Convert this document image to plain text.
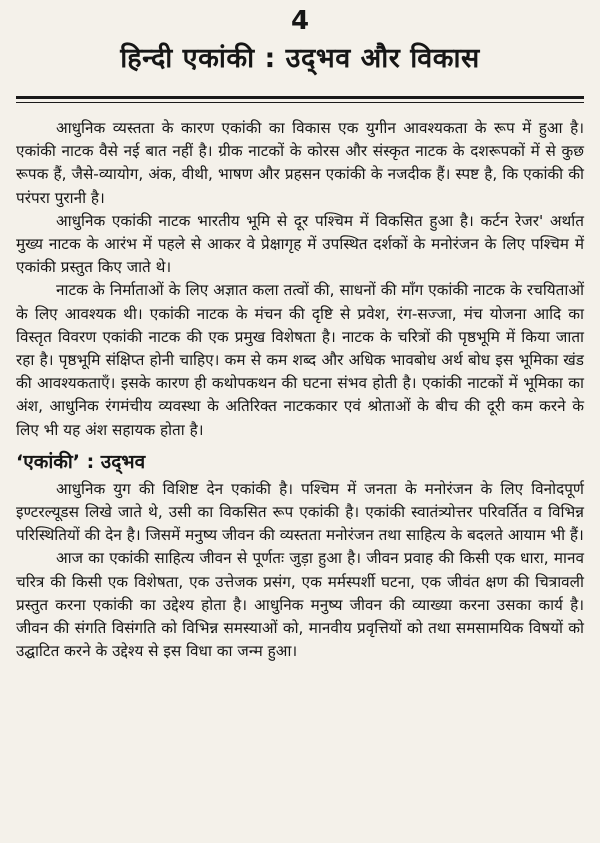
4
हिन्दी एकांकी : उद्‌भव और विकास

आधुनिक व्यस्तता के कारण एकांकी का विकास एक युगीन आवश्यकता के रूप में हुआ है। एकांकी नाटक वैसे नई बात नहीं है। ग्रीक नाटकों के कोरस और संस्कृत नाटक के दशरूपकों में से कुछ रूपक हैं, जैसे-व्यायोग, अंक, वीथी, भाषण और प्रहसन एकांकी के नजदीक हैं। स्पष्ट है, कि एकांकी की परंपरा पुरानी है।

आधुनिक एकांकी नाटक भारतीय भूमि से दूर पश्चिम में विकसित हुआ है। कर्टन रेजर' अर्थात मुख्य नाटक के आरंभ में पहले से आकर वे प्रेक्षागृह में उपस्थित दर्शकों के मनोरंजन के लिए पश्चिम में एकांकी प्रस्तुत किए जाते थे।

नाटक के निर्माताओं के लिए अज्ञात कला तत्वों की, साधनों की माँग एकांकी नाटक के रचयिताओं के लिए आवश्यक थी। एकांकी नाटक के मंचन की दृष्टि से प्रवेश, रंग-सज्जा, मंच योजना आदि का विस्तृत विवरण एकांकी नाटक की एक प्रमुख विशेषता है। नाटक के चरित्रों की पृष्ठभूमि में किया जाता रहा है। पृष्ठभूमि संक्षिप्त होनी चाहिए। कम से कम शब्द और अधिक भावबोध अर्थ बोध इस भूमिका खंड की आवश्यकताएँ। इसके कारण ही कथोपकथन की घटना संभव होती है। एकांकी नाटकों में भूमिका का अंश, आधुनिक रंगमंचीय व्यवस्था के अतिरिक्त नाटककार एवं श्रोताओं के बीच की दूरी कम करने के लिए भी यह अंश सहायक होता है।

‘एकांकी’ : उद्‌भव

आधुनिक युग की विशिष्ट देन एकांकी है। पश्चिम में जनता के मनोरंजन के लिए विनोदपूर्ण इण्टरल्यूडस लिखे जाते थे, उसी का विकसित रूप एकांकी है। एकांकी स्वातंत्र्योत्तर परिवर्तित व विभिन्न परिस्थितियों की देन है। जिसमें मनुष्य जीवन की व्यस्तता मनोरंजन तथा साहित्य के बदलते आयाम भी हैं।

आज का एकांकी साहित्य जीवन से पूर्णतः जुड़ा हुआ है। जीवन प्रवाह की किसी एक धारा, मानव चरित्र की किसी एक विशेषता, एक उत्तेजक प्रसंग, एक मर्मस्पर्शी घटना, एक जीवंत क्षण की चित्रावली प्रस्तुत करना एकांकी का उद्देश्य होता है। आधुनिक मनुष्य जीवन की व्याख्या करना उसका कार्य है। जीवन की संगति विसंगति को विभिन्न समस्याओं को, मानवीय प्रवृत्तियों को तथा समसामयिक विषयों को उद्घाटित करने के उद्देश्य से इस विधा का जन्म हुआ।
